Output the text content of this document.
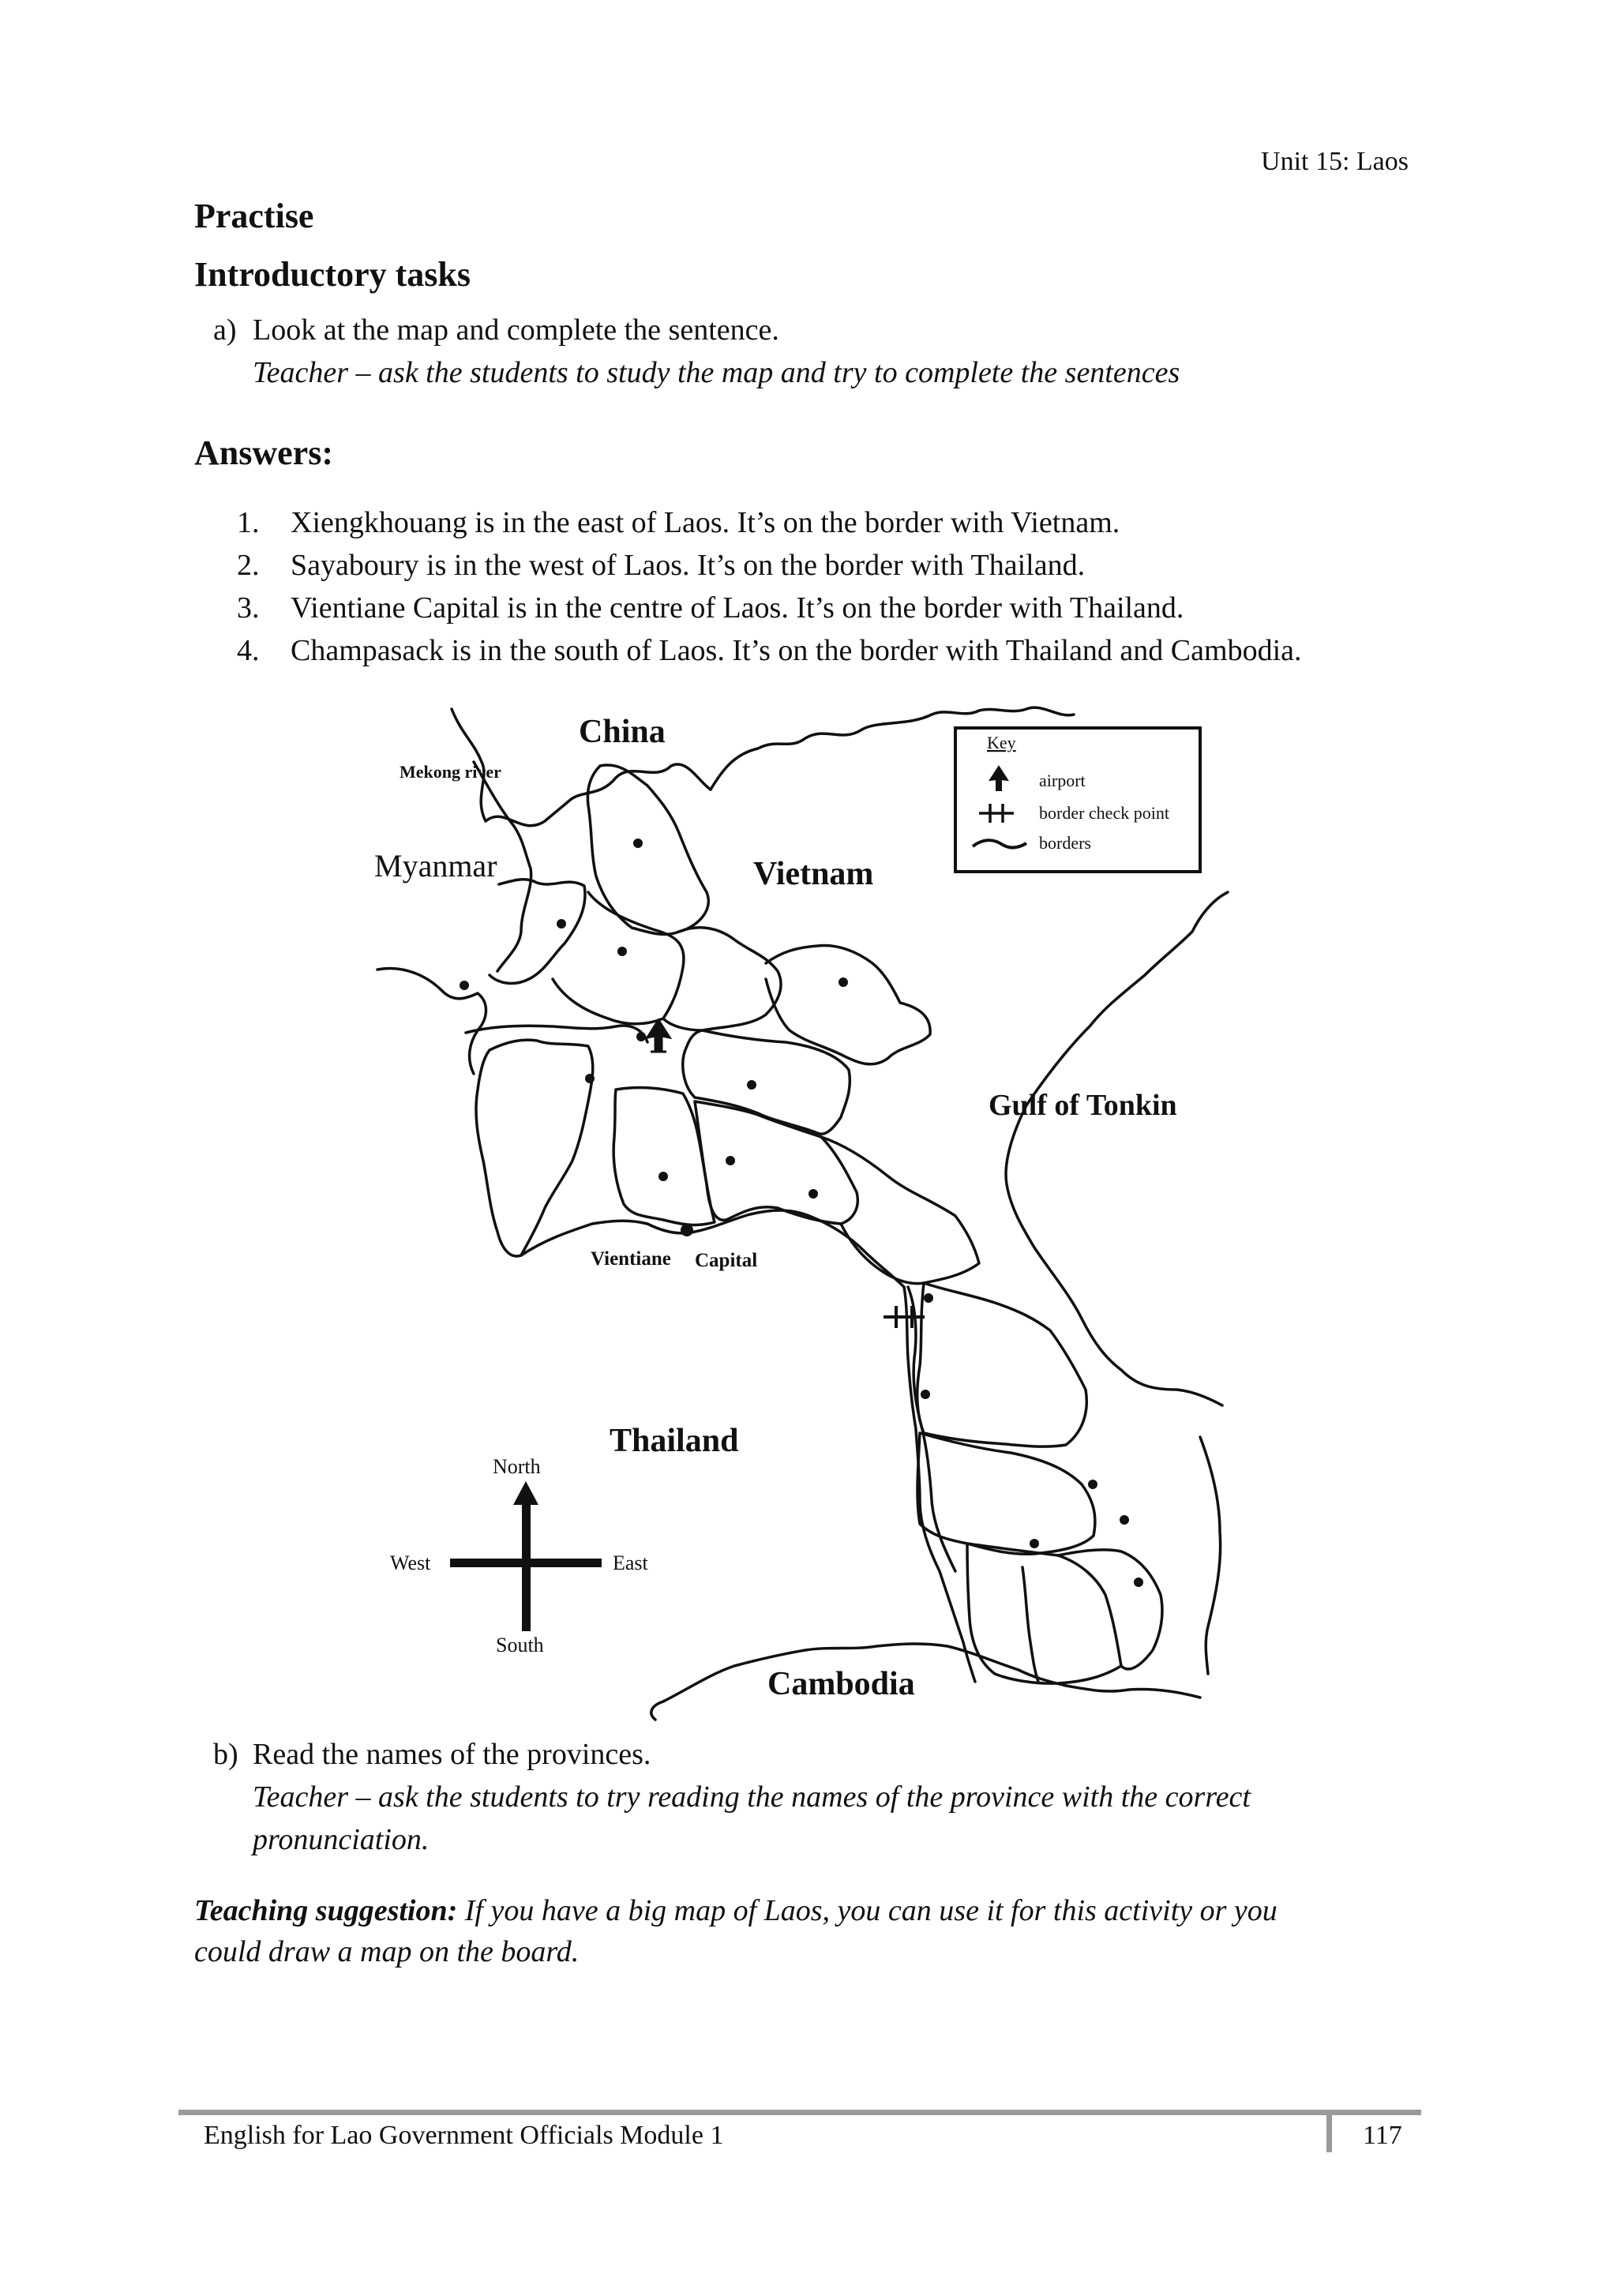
Unit 15: Laos
Practise
Introductory tasks
a) Look at the map and complete the sentence.
Teacher – ask the students to study the map and try to complete the sentences
Answers:
1. Xiengkhouang is in the east of Laos. It’s on the border with Vietnam.
2. Sayaboury is in the west of Laos. It’s on the border with Thailand.
3. Vientiane Capital is in the centre of Laos. It’s on the border with Thailand.
4. Champasack is in the south of Laos. It’s on the border with Thailand and Cambodia.
China
Mekong river
Myanmar	Vietnam
Gulf of Tonkin
Vientiane Capital
Thailand
Cambodia
Key
airport
border check point
borders
North
West	East
South
b) Read the names of the provinces.
Teacher – ask the students to try reading the names of the province with the correct
pronunciation.
Teaching suggestion: If you have a big map of Laos, you can use it for this activity or you
could draw a map on the board.
English for Lao Government Officials Module 1	117
